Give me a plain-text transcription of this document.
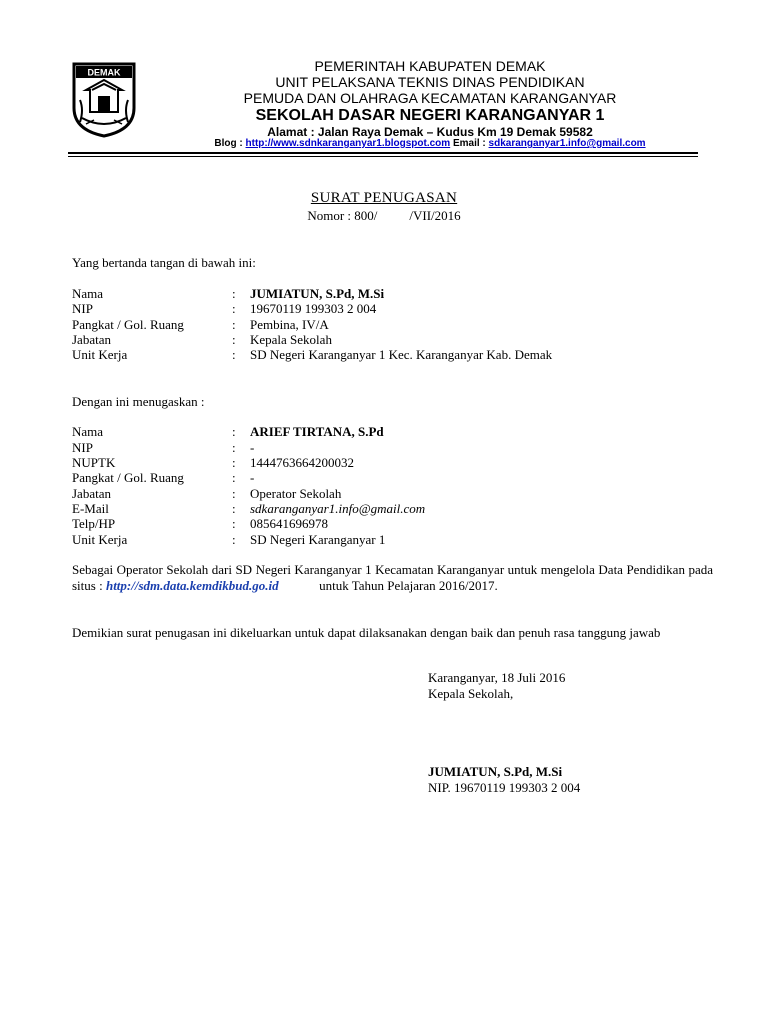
DEMAK	PEMERINTAH KABUPATEN DEMAK
UNIT PELAKSANA TEKNIS DINAS PENDIDIKAN
PEMUDA DAN OLAHRAGA KECAMATAN KARANGANYAR
SEKOLAH DASAR NEGERI KARANGANYAR 1
Alamat : Jalan Raya Demak – Kudus Km 19 Demak 59582
Blog : http://www.sdnkaranganyar1.blogspot.com Email : sdkaranganyar1.info@gmail.com
SURAT PENUGASAN
Nomor : 800/ /VII/2016
Yang bertanda tangan di bawah ini:
Nama	: JUMIATUN, S.Pd, M.Si
NIP	: 19670119 199303 2 004
Pangkat / Gol. Ruang	: Pembina, IV/A
Jabatan	: Kepala Sekolah
Unit Kerja	: SD Negeri Karanganyar 1 Kec. Karanganyar Kab. Demak
Dengan ini menugaskan :
Nama	: ARIEF TIRTANA, S.Pd
NIP	: -
NUPTK	: 1444763664200032
Pangkat / Gol. Ruang	: -
Jabatan	: Operator Sekolah
E-Mail	: sdkaranganyar1.info@gmail.com
Telp/HP	: 085641696978
Unit Kerja	: SD Negeri Karanganyar 1
Sebagai Operator Sekolah dari SD Negeri Karanganyar 1 Kecamatan Karanganyar untuk mengelola Data Pendidikan pada situs : http://sdm.data.kemdikbud.go.id	untuk Tahun Pelajaran 2016/2017.
Demikian surat penugasan ini dikeluarkan untuk dapat dilaksanakan dengan baik dan penuh rasa tanggung jawab
Karanganyar, 18 Juli 2016
Kepala Sekolah,
JUMIATUN, S.Pd, M.Si
NIP. 19670119 199303 2 004
